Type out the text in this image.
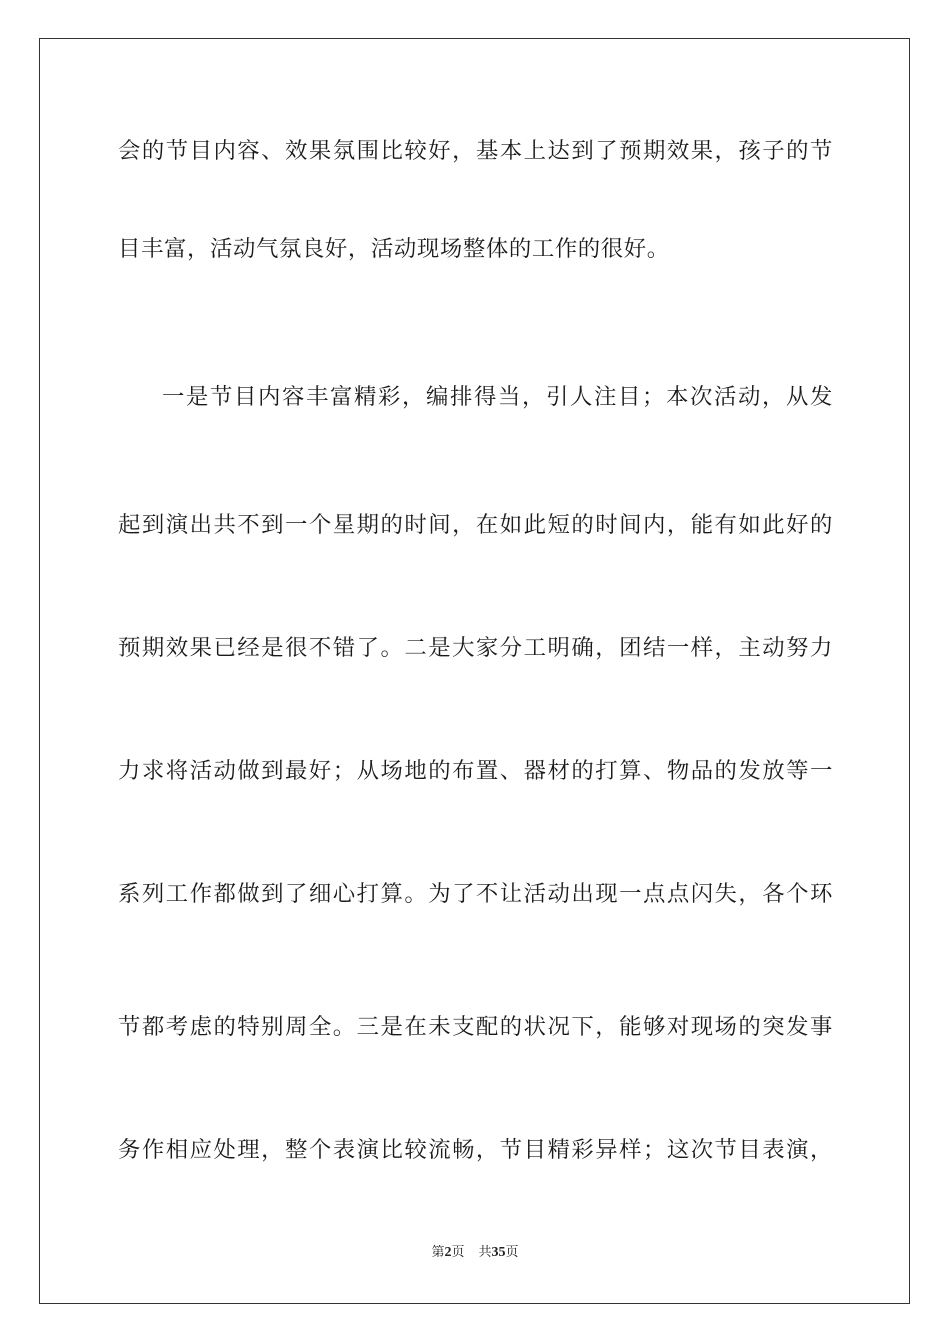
会的节目内容、效果氛围比较好，基本上达到了预期效果，孩子的节
目丰富，活动气氛良好，活动现场整体的工作的很好。
一是节目内容丰富精彩，编排得当，引人注目；本次活动，从发
起到演出共不到一个星期的时间，在如此短的时间内，能有如此好的
预期效果已经是很不错了。二是大家分工明确，团结一样，主动努力
力求将活动做到最好；从场地的布置、器材的打算、物品的发放等一
系列工作都做到了细心打算。为了不让活动出现一点点闪失，各个环
节都考虑的特别周全。三是在未支配的状况下，能够对现场的突发事
务作相应处理，整个表演比较流畅，节目精彩异样；这次节目表演，
第2页 共35页
